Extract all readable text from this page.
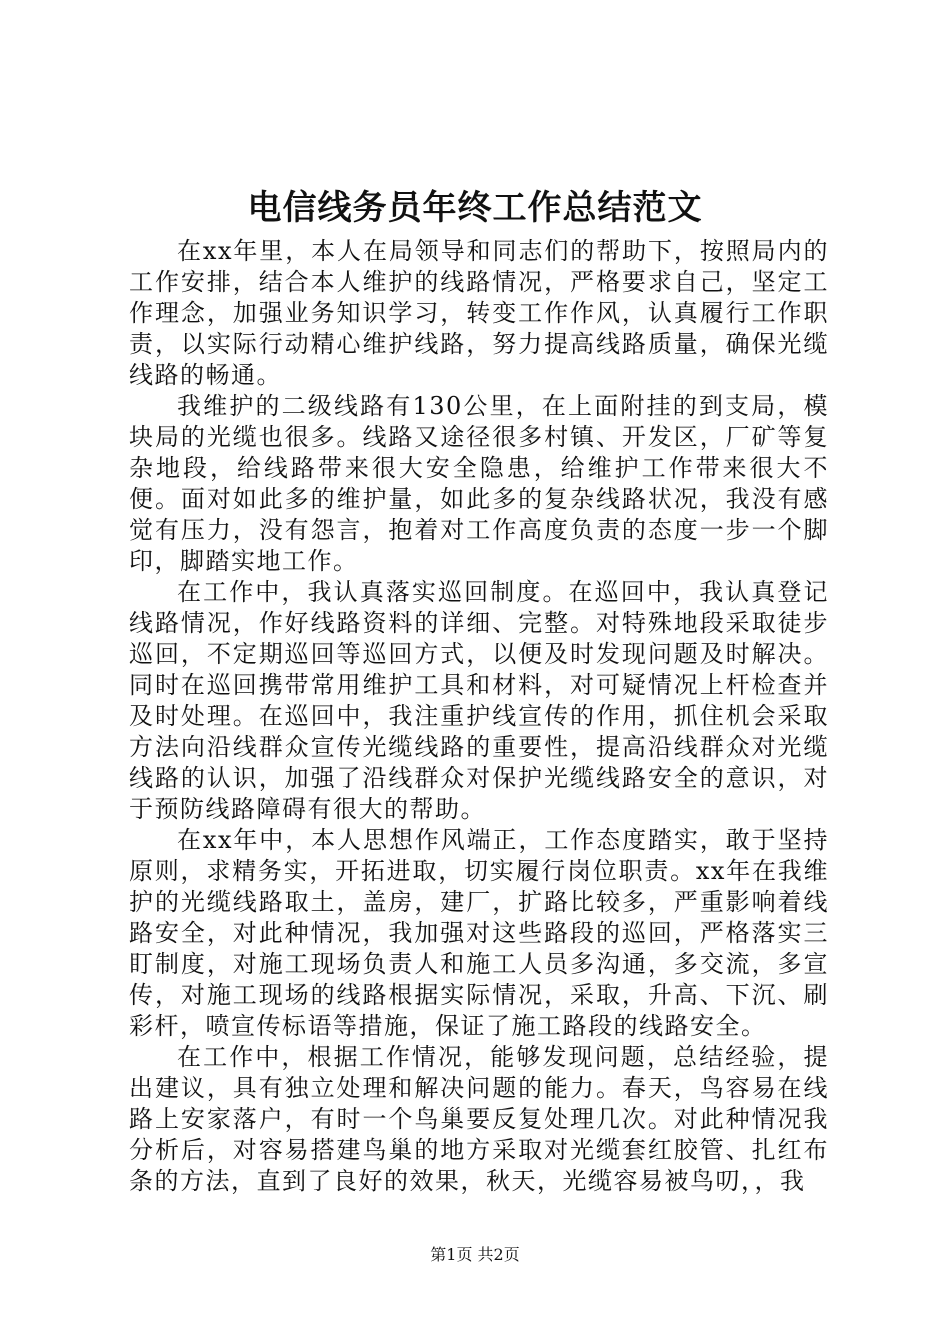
电信线务员年终工作总结范文

在xx年里，本人在局领导和同志们的帮助下，按照局内的工作安排，结合本人维护的线路情况，严格要求自己，坚定工作理念，加强业务知识学习，转变工作作风，认真履行工作职责，以实际行动精心维护线路，努力提高线路质量，确保光缆线路的畅通。

我维护的二级线路有130公里，在上面附挂的到支局，模块局的光缆也很多。线路又途径很多村镇、开发区，厂矿等复杂地段，给线路带来很大安全隐患，给维护工作带来很大不便。面对如此多的维护量，如此多的复杂线路状况，我没有感觉有压力，没有怨言，抱着对工作高度负责的态度一步一个脚印，脚踏实地工作。

在工作中，我认真落实巡回制度。在巡回中，我认真登记线路情况，作好线路资料的详细、完整。对特殊地段采取徒步巡回，不定期巡回等巡回方式，以便及时发现问题及时解决。同时在巡回携带常用维护工具和材料，对可疑情况上杆检查并及时处理。在巡回中，我注重护线宣传的作用，抓住机会采取方法向沿线群众宣传光缆线路的重要性，提高沿线群众对光缆线路的认识，加强了沿线群众对保护光缆线路安全的意识，对于预防线路障碍有很大的帮助。

在xx年中，本人思想作风端正，工作态度踏实，敢于坚持原则，求精务实，开拓进取，切实履行岗位职责。xx年在我维护的光缆线路取土，盖房，建厂，扩路比较多，严重影响着线路安全，对此种情况，我加强对这些路段的巡回，严格落实三盯制度，对施工现场负责人和施工人员多沟通，多交流，多宣传，对施工现场的线路根据实际情况，采取，升高、下沉、刷彩杆，喷宣传标语等措施，保证了施工路段的线路安全。

在工作中，根据工作情况，能够发现问题，总结经验，提出建议，具有独立处理和解决问题的能力。春天，鸟容易在线路上安家落户，有时一个鸟巢要反复处理几次。对此种情况我分析后，对容易搭建鸟巢的地方采取对光缆套红胶管、扎红布条的方法，直到了良好的效果，秋天，光缆容易被鸟叨，，我

第1页 共2页
